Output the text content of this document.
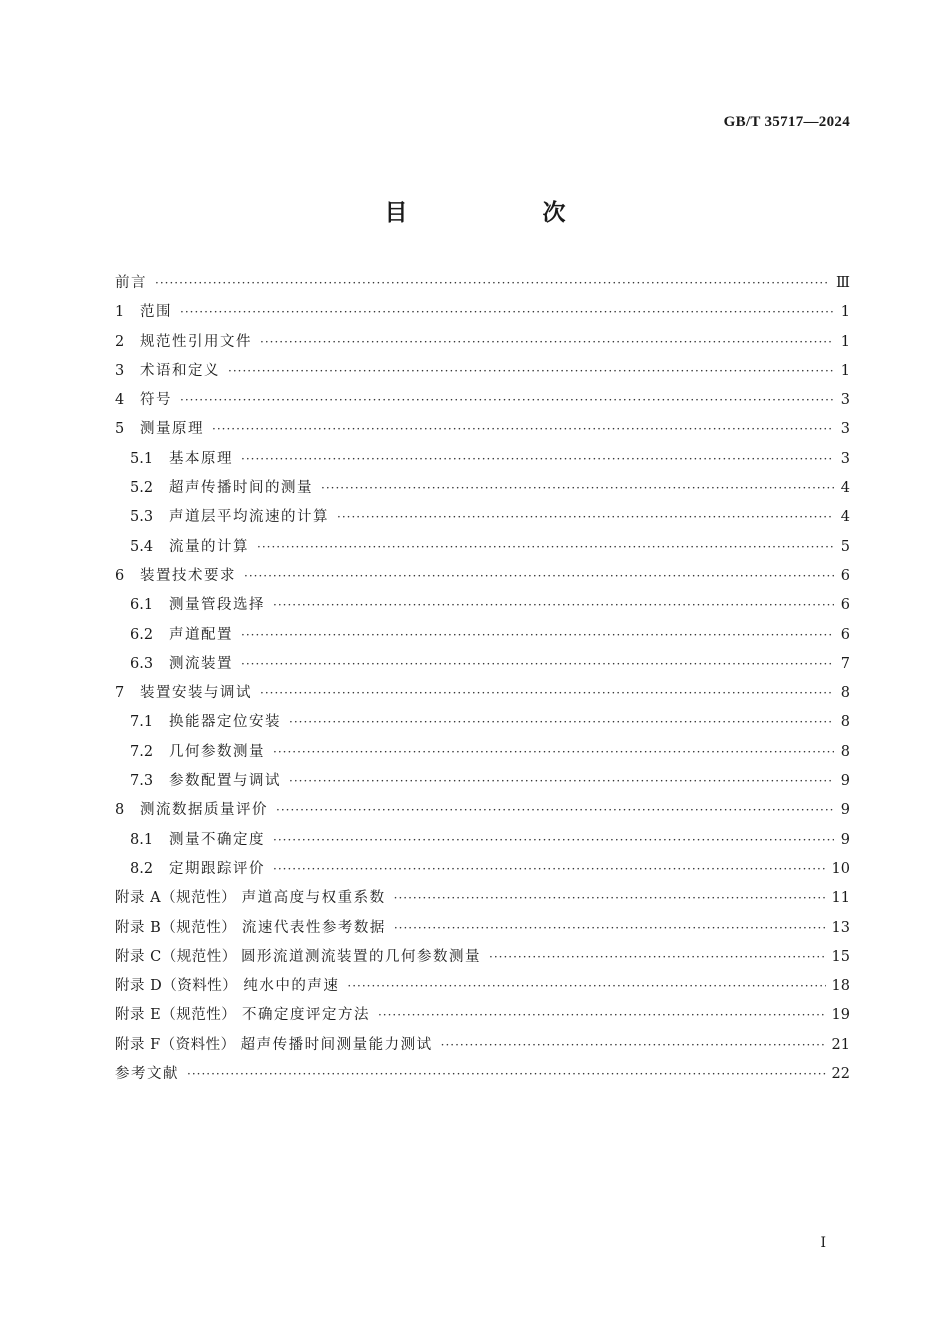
GB/T 35717—2024
目　次
前言 ·····	Ⅲ
1	范围 ·····	1
2	规范性引用文件 ·····	1
3	术语和定义 ·····	1
4	符号 ·····	3
5	测量原理 ·····	3
5.1	基本原理 ·····	3
5.2	超声传播时间的测量 ·····	4
5.3	声道层平均流速的计算 ·····	4
5.4	流量的计算 ·····	5
6	装置技术要求 ·····	6
6.1	测量管段选择 ·····	6
6.2	声道配置 ·····	6
6.3	测流装置 ·····	7
7	装置安装与调试 ·····	8
7.1	换能器定位安装 ·····	8
7.2	几何参数测量 ·····	8
7.3	参数配置与调试 ·····	9
8	测流数据质量评价 ·····	9
8.1	测量不确定度 ·····	9
8.2	定期跟踪评价 ·····	10
附录 A（规范性） 声道高度与权重系数 ·····	11
附录 B（规范性） 流速代表性参考数据 ·····	13
附录 C（规范性） 圆形流道测流装置的几何参数测量 ·····	15
附录 D（资料性） 纯水中的声速 ·····	18
附录 E（规范性） 不确定度评定方法 ·····	19
附录 F（资料性） 超声传播时间测量能力测试 ·····	21
参考文献 ·····	22
Ⅰ
